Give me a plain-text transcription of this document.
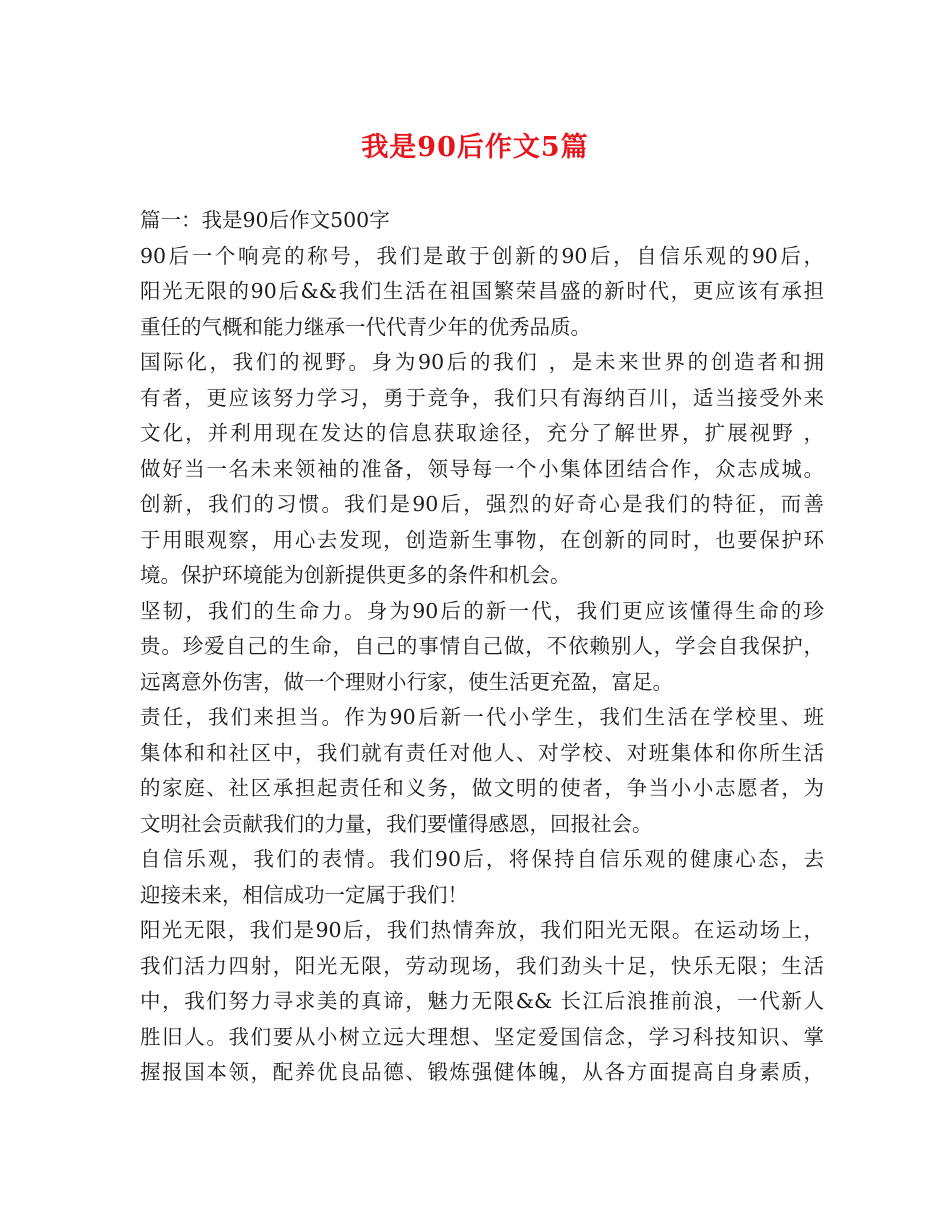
我是90后作文5篇
篇一：我是90后作文500字
90后一个响亮的称号，我们是敢于创新的90后，自信乐观的90后，
阳光无限的90后&&我们生活在祖国繁荣昌盛的新时代，更应该有承担
重任的气概和能力继承一代代青少年的优秀品质。
国际化，我们的视野。身为90后的我们 ，是未来世界的创造者和拥
有者，更应该努力学习，勇于竞争，我们只有海纳百川，适当接受外来
文化，并利用现在发达的信息获取途径，充分了解世界，扩展视野 ，
做好当一名未来领袖的准备，领导每一个小集体团结合作，众志成城。
创新，我们的习惯。我们是90后，强烈的好奇心是我们的特征，而善
于用眼观察，用心去发现，创造新生事物，在创新的同时，也要保护环
境。保护环境能为创新提供更多的条件和机会。
坚韧，我们的生命力。身为90后的新一代，我们更应该懂得生命的珍
贵。珍爱自己的生命，自己的事情自己做，不依赖别人，学会自我保护，
远离意外伤害，做一个理财小行家，使生活更充盈，富足。
责任，我们来担当。作为90后新一代小学生，我们生活在学校里、班
集体和和社区中，我们就有责任对他人、对学校、对班集体和你所生活
的家庭、社区承担起责任和义务，做文明的使者，争当小小志愿者，为
文明社会贡献我们的力量，我们要懂得感恩，回报社会。
自信乐观，我们的表情。我们90后，将保持自信乐观的健康心态，去
迎接未来，相信成功一定属于我们！
阳光无限，我们是90后，我们热情奔放，我们阳光无限。在运动场上，
我们活力四射，阳光无限，劳动现场，我们劲头十足，快乐无限；生活
中，我们努力寻求美的真谛，魅力无限&& 长江后浪推前浪，一代新人
胜旧人。我们要从小树立远大理想、坚定爱国信念，学习科技知识、掌
握报国本领，配养优良品德、锻炼强健体魄，从各方面提高自身素质，
